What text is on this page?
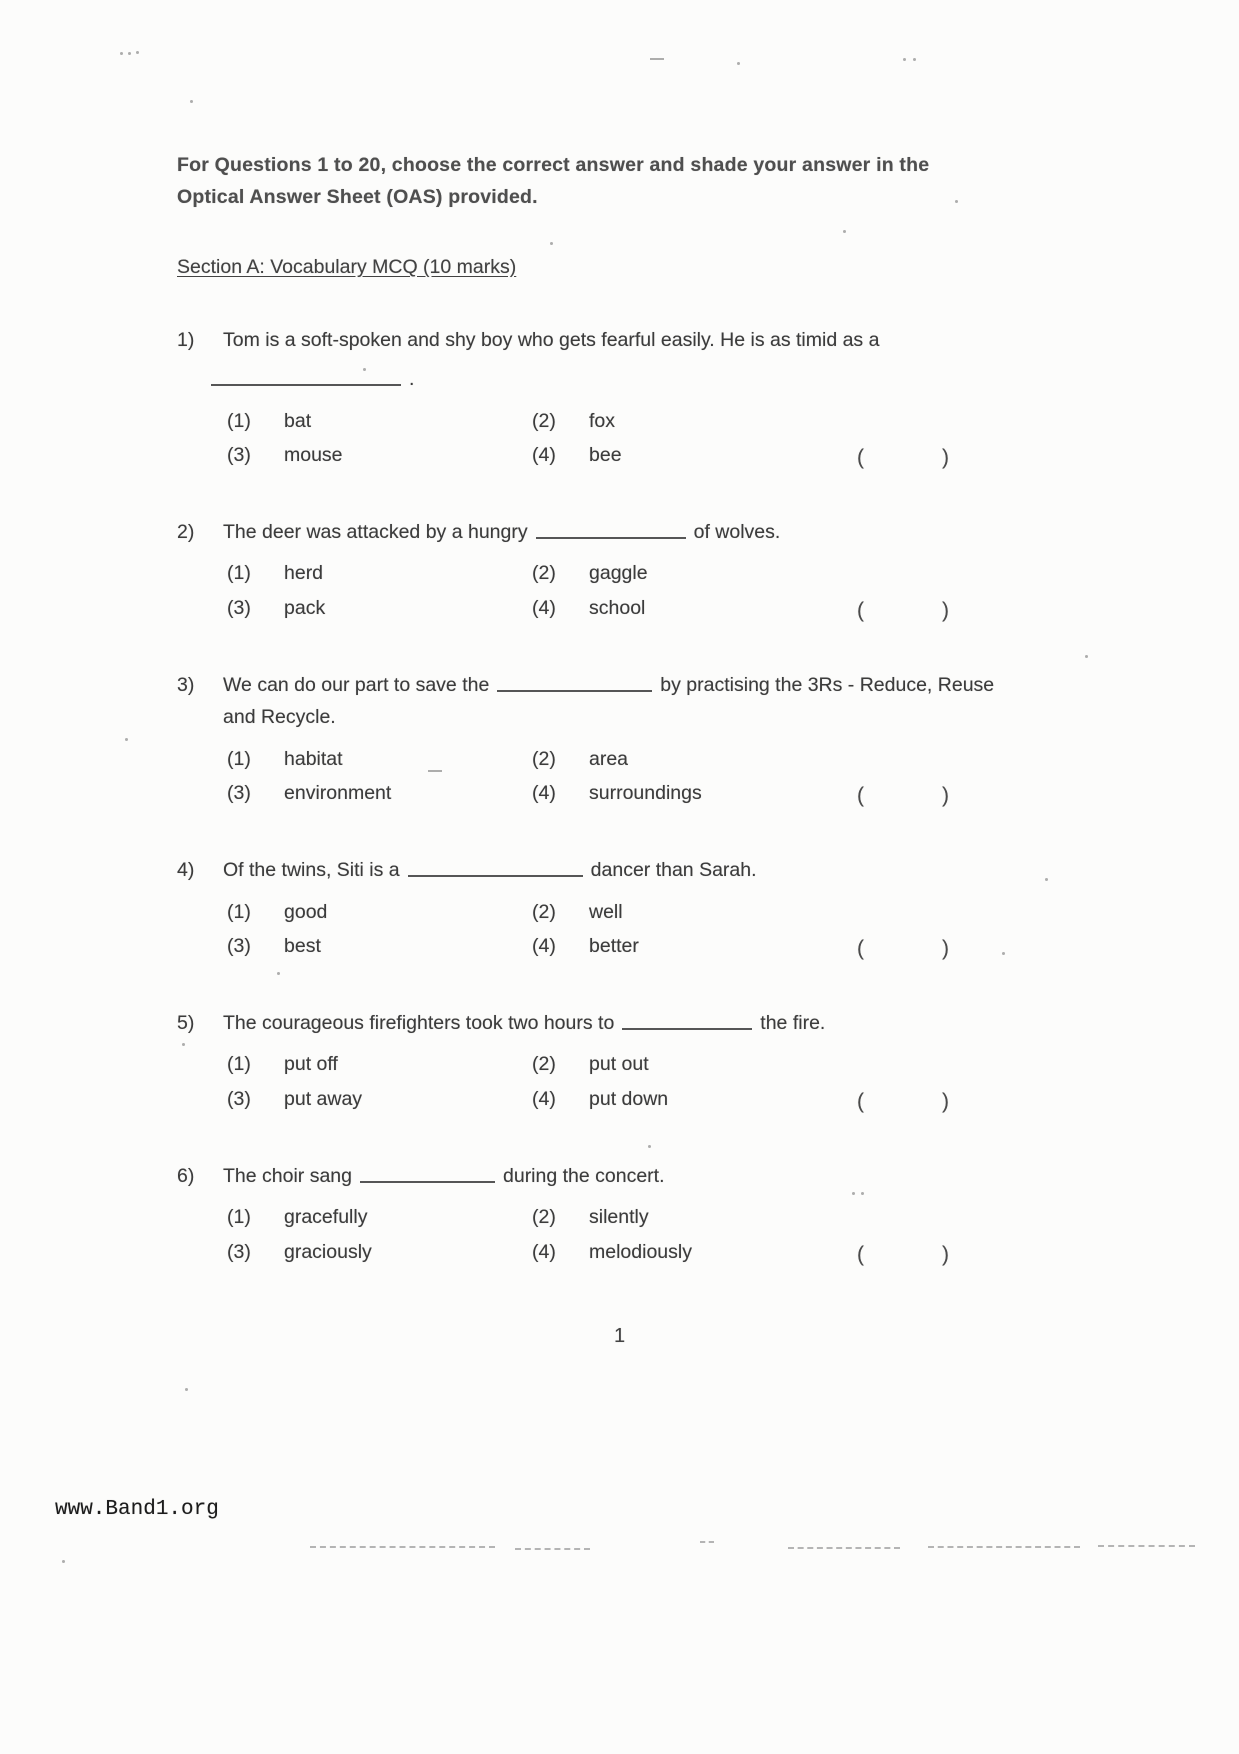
For Questions 1 to 20, choose the correct answer and shade your answer in the Optical Answer Sheet (OAS) provided.
Section A: Vocabulary MCQ (10 marks)
1)	Tom is a soft-spoken and shy boy who gets fearful easily. He is as timid as a
.
(1)	bat	(2)	fox
(3)	mouse	(4)	bee	(	)
2)	The deer was attacked by a hungry	of wolves.
(1)	herd	(2)	gaggle
(3)	pack	(4)	school	(	)
3)	We can do our part to save the	by practising the 3Rs - Reduce, Reuse
and Recycle.
(1)	habitat	(2)	area
(3)	environment	(4)	surroundings	(	)
4)	Of the twins, Siti is a	dancer than Sarah.
(1)	good	(2)	well
(3)	best	(4)	better	(	)
5)	The courageous firefighters took two hours to	the fire.
(1)	put off	(2)	put out
(3)	put away	(4)	put down	(	)
6)	The choir sang	during the concert.
(1)	gracefully	(2)	silently
(3)	graciously	(4)	melodiously	(	)
1
www.Band1.org
